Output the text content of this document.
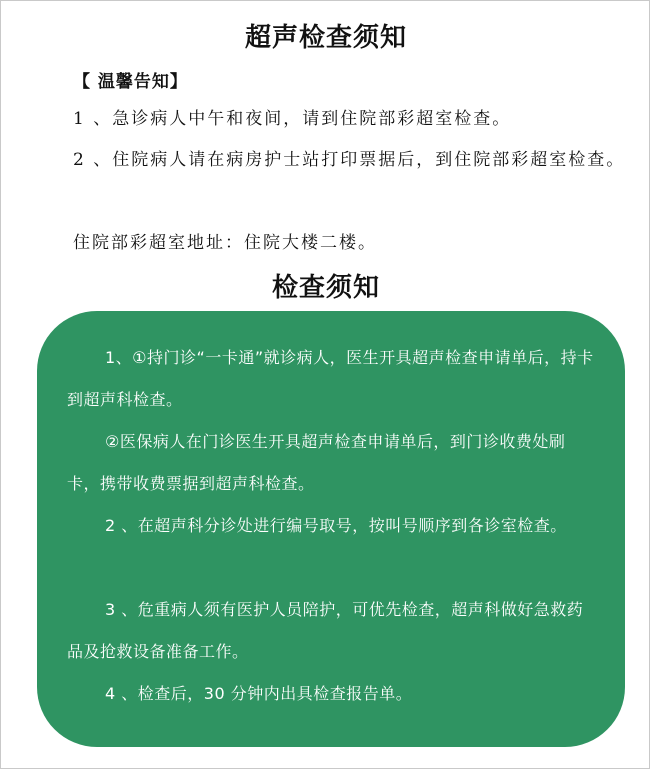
超声检查须知
【 温馨告知】
1 、急诊病人中午和夜间，请到住院部彩超室检查。
2 、住院病人请在病房护士站打印票据后，到住院部彩超室检查。
住院部彩超室地址：住院大楼二楼。
检查须知
1、①持门诊“一卡通”就诊病人，医生开具超声检查申请单后，持卡到超声科检查。
②医保病人在门诊医生开具超声检查申请单后，到门诊收费处刷卡，携带收费票据到超声科检查。
2 、在超声科分诊处进行编号取号，按叫号顺序到各诊室检查。
3 、危重病人须有医护人员陪护，可优先检查，超声科做好急救药品及抢救设备准备工作。
4 、检查后，30 分钟内出具检查报告单。
